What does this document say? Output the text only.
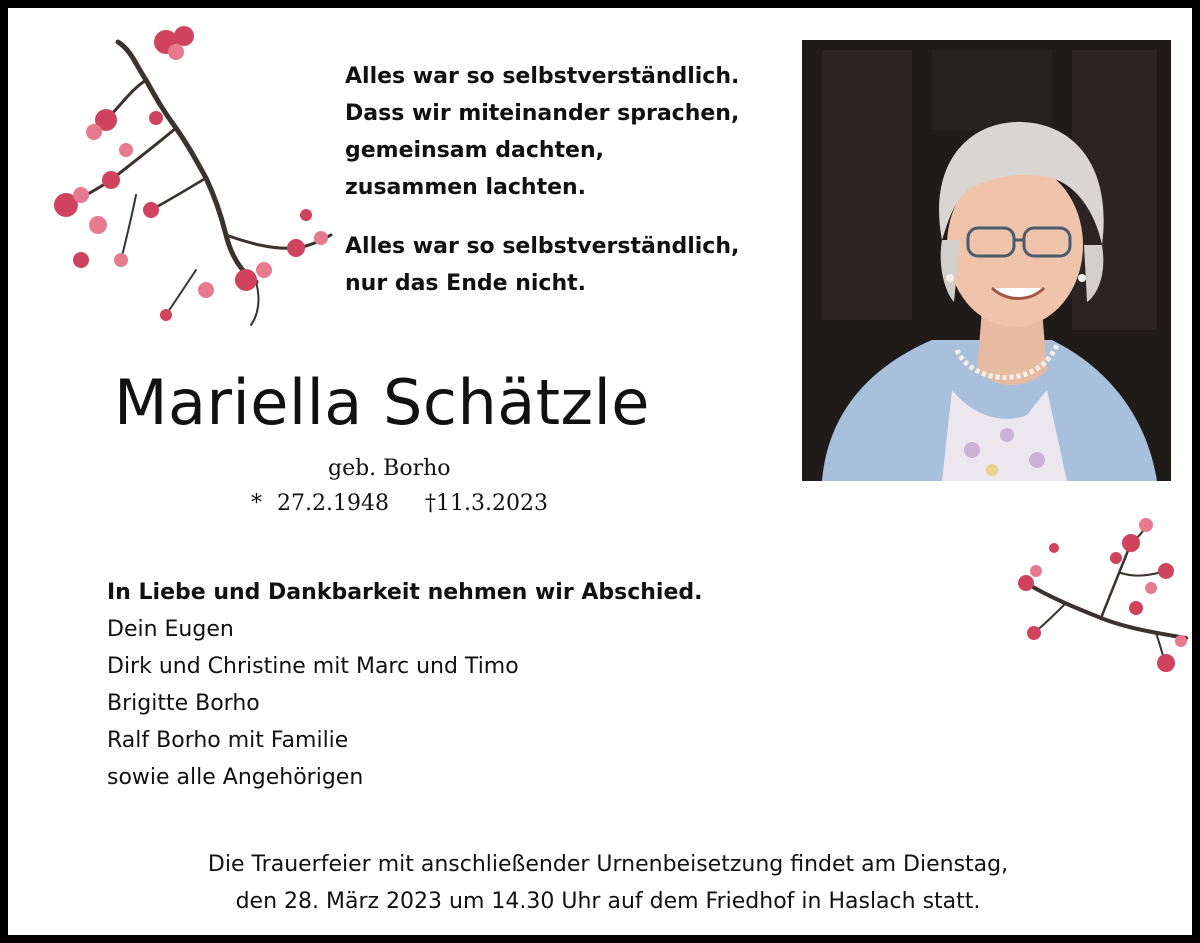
Alles war so selbstverständlich.
Dass wir miteinander sprachen,
gemeinsam dachten,
zusammen lachten.
Alles war so selbstverständlich,
nur das Ende nicht.
Mariella Schätzle
geb. Borho
* 27.2.1948 †11.3.2023
In Liebe und Dankbarkeit nehmen wir Abschied.
Dein Eugen
Dirk und Christine mit Marc und Timo
Brigitte Borho
Ralf Borho mit Familie
sowie alle Angehörigen
Die Trauerfeier mit anschließender Urnenbeisetzung findet am Dienstag,
den 28. März 2023 um 14.30 Uhr auf dem Friedhof in Haslach statt.
